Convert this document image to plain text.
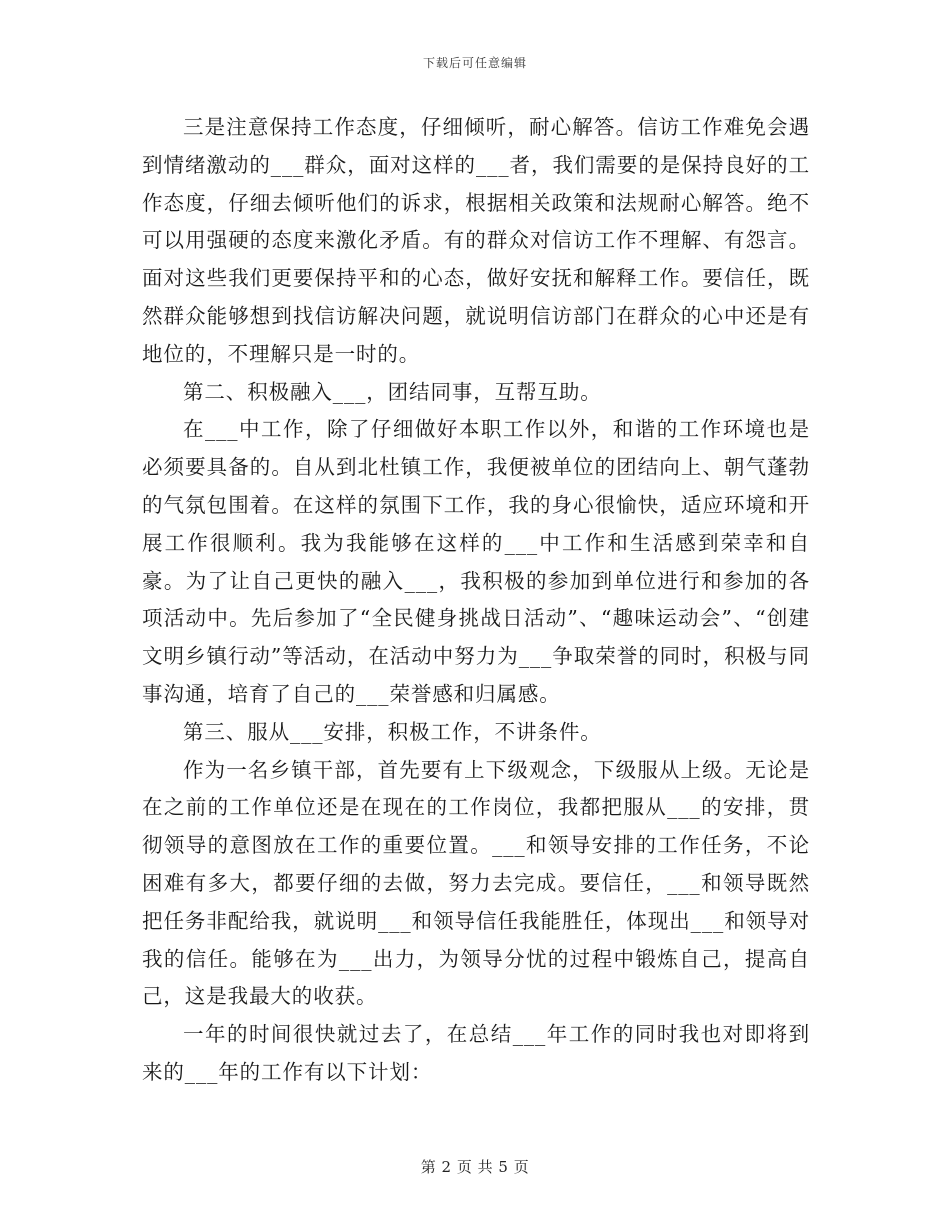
下载后可任意编辑

三是注意保持工作态度，仔细倾听，耐心解答。信访工作难免会遇到情绪激动的___群众，面对这样的___者，我们需要的是保持良好的工作态度，仔细去倾听他们的诉求，根据相关政策和法规耐心解答。绝不可以用强硬的态度来激化矛盾。有的群众对信访工作不理解、有怨言。面对这些我们更要保持平和的心态，做好安抚和解释工作。要信任，既然群众能够想到找信访解决问题，就说明信访部门在群众的心中还是有地位的，不理解只是一时的。

第二、积极融入___，团结同事，互帮互助。

在___中工作，除了仔细做好本职工作以外，和谐的工作环境也是必须要具备的。自从到北杜镇工作，我便被单位的团结向上、朝气蓬勃的气氛包围着。在这样的氛围下工作，我的身心很愉快，适应环境和开展工作很顺利。我为我能够在这样的___中工作和生活感到荣幸和自豪。为了让自己更快的融入___，我积极的参加到单位进行和参加的各项活动中。先后参加了“全民健身挑战日活动”、“趣味运动会”、“创建文明乡镇行动”等活动，在活动中努力为___争取荣誉的同时，积极与同事沟通，培育了自己的___荣誉感和归属感。

第三、服从___安排，积极工作，不讲条件。

作为一名乡镇干部，首先要有上下级观念，下级服从上级。无论是在之前的工作单位还是在现在的工作岗位，我都把服从___的安排，贯彻领导的意图放在工作的重要位置。___和领导安排的工作任务，不论困难有多大，都要仔细的去做，努力去完成。要信任，___和领导既然把任务非配给我，就说明___和领导信任我能胜任，体现出___和领导对我的信任。能够在为___出力，为领导分忧的过程中锻炼自己，提高自己，这是我最大的收获。

一年的时间很快就过去了，在总结___年工作的同时我也对即将到来的___年的工作有以下计划：

第 2 页 共 5 页
